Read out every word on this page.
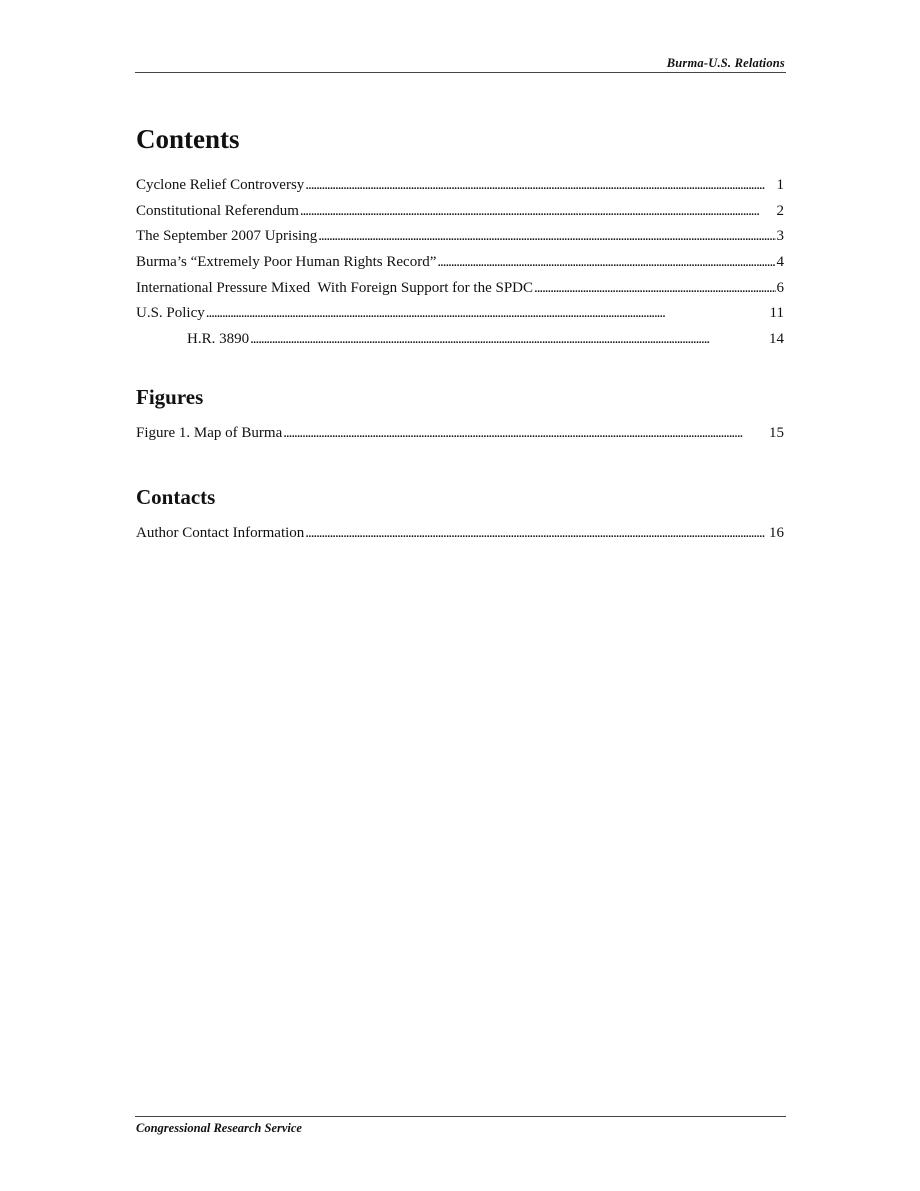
Burma-U.S. Relations
Contents
Cyclone Relief Controversy . . .	1
Constitutional Referendum . . .	2
The September 2007 Uprising . . .	3
Burma’s “Extremely Poor Human Rights Record” . . .	4
International Pressure Mixed  With Foreign Support for the SPDC . . .	6
U.S. Policy . . .	11
H.R. 3890 . . .	14
Figures
Figure 1. Map of Burma . . .	15
Contacts
Author Contact Information . . .	16
Congressional Research Service
